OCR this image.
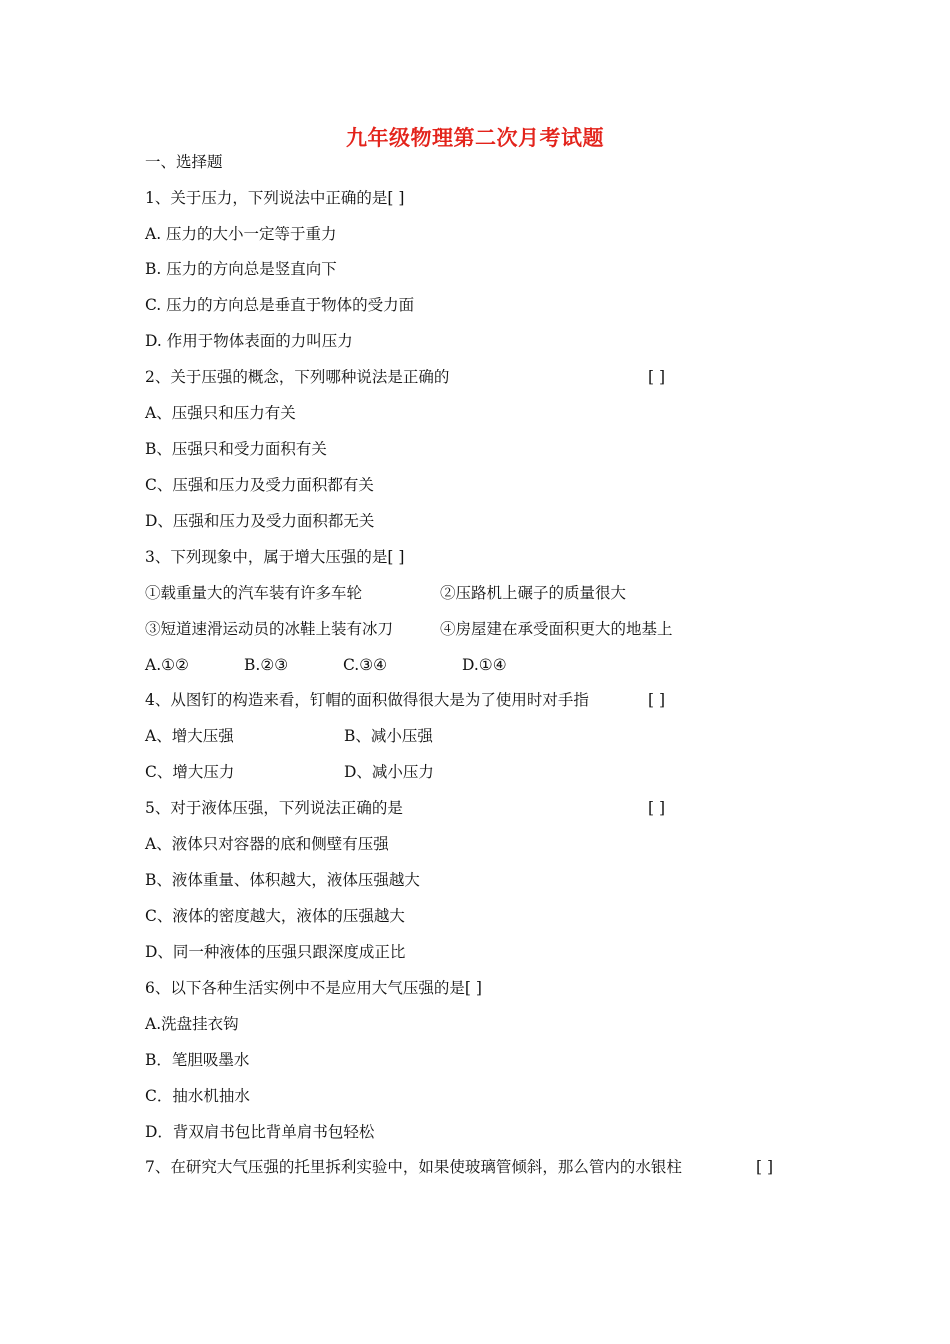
九年级物理第二次月考试题
一、选择题
1、关于压力，下列说法中正确的是[ ]
A. 压力的大小一定等于重力
B. 压力的方向总是竖直向下
C. 压力的方向总是垂直于物体的受力面
D. 作用于物体表面的力叫压力
2、关于压强的概念，下列哪种说法是正确的	[ ]
A、压强只和压力有关
B、压强只和受力面积有关
C、压强和压力及受力面积都有关
D、压强和压力及受力面积都无关
3、下列现象中，属于增大压强的是[ ]
①载重量大的汽车装有许多车轮	②压路机上碾子的质量很大
③短道速滑运动员的冰鞋上装有冰刀	④房屋建在承受面积更大的地基上
A.①②	B.②③	C.③④	D.①④
4、从图钉的构造来看，钉帽的面积做得很大是为了使用时对手指	[ ]
A、增大压强	B、减小压强
C、增大压力	D、减小压力
5、对于液体压强，下列说法正确的是	[ ]
A、液体只对容器的底和侧壁有压强
B、液体重量、体积越大，液体压强越大
C、液体的密度越大，液体的压强越大
D、同一种液体的压强只跟深度成正比
6、以下各种生活实例中不是应用大气压强的是[ ]
A.洗盘挂衣钩
B．笔胆吸墨水
C．抽水机抽水
D．背双肩书包比背单肩书包轻松
7、在研究大气压强的托里拆利实验中，如果使玻璃管倾斜，那么管内的水银柱	[ ]
